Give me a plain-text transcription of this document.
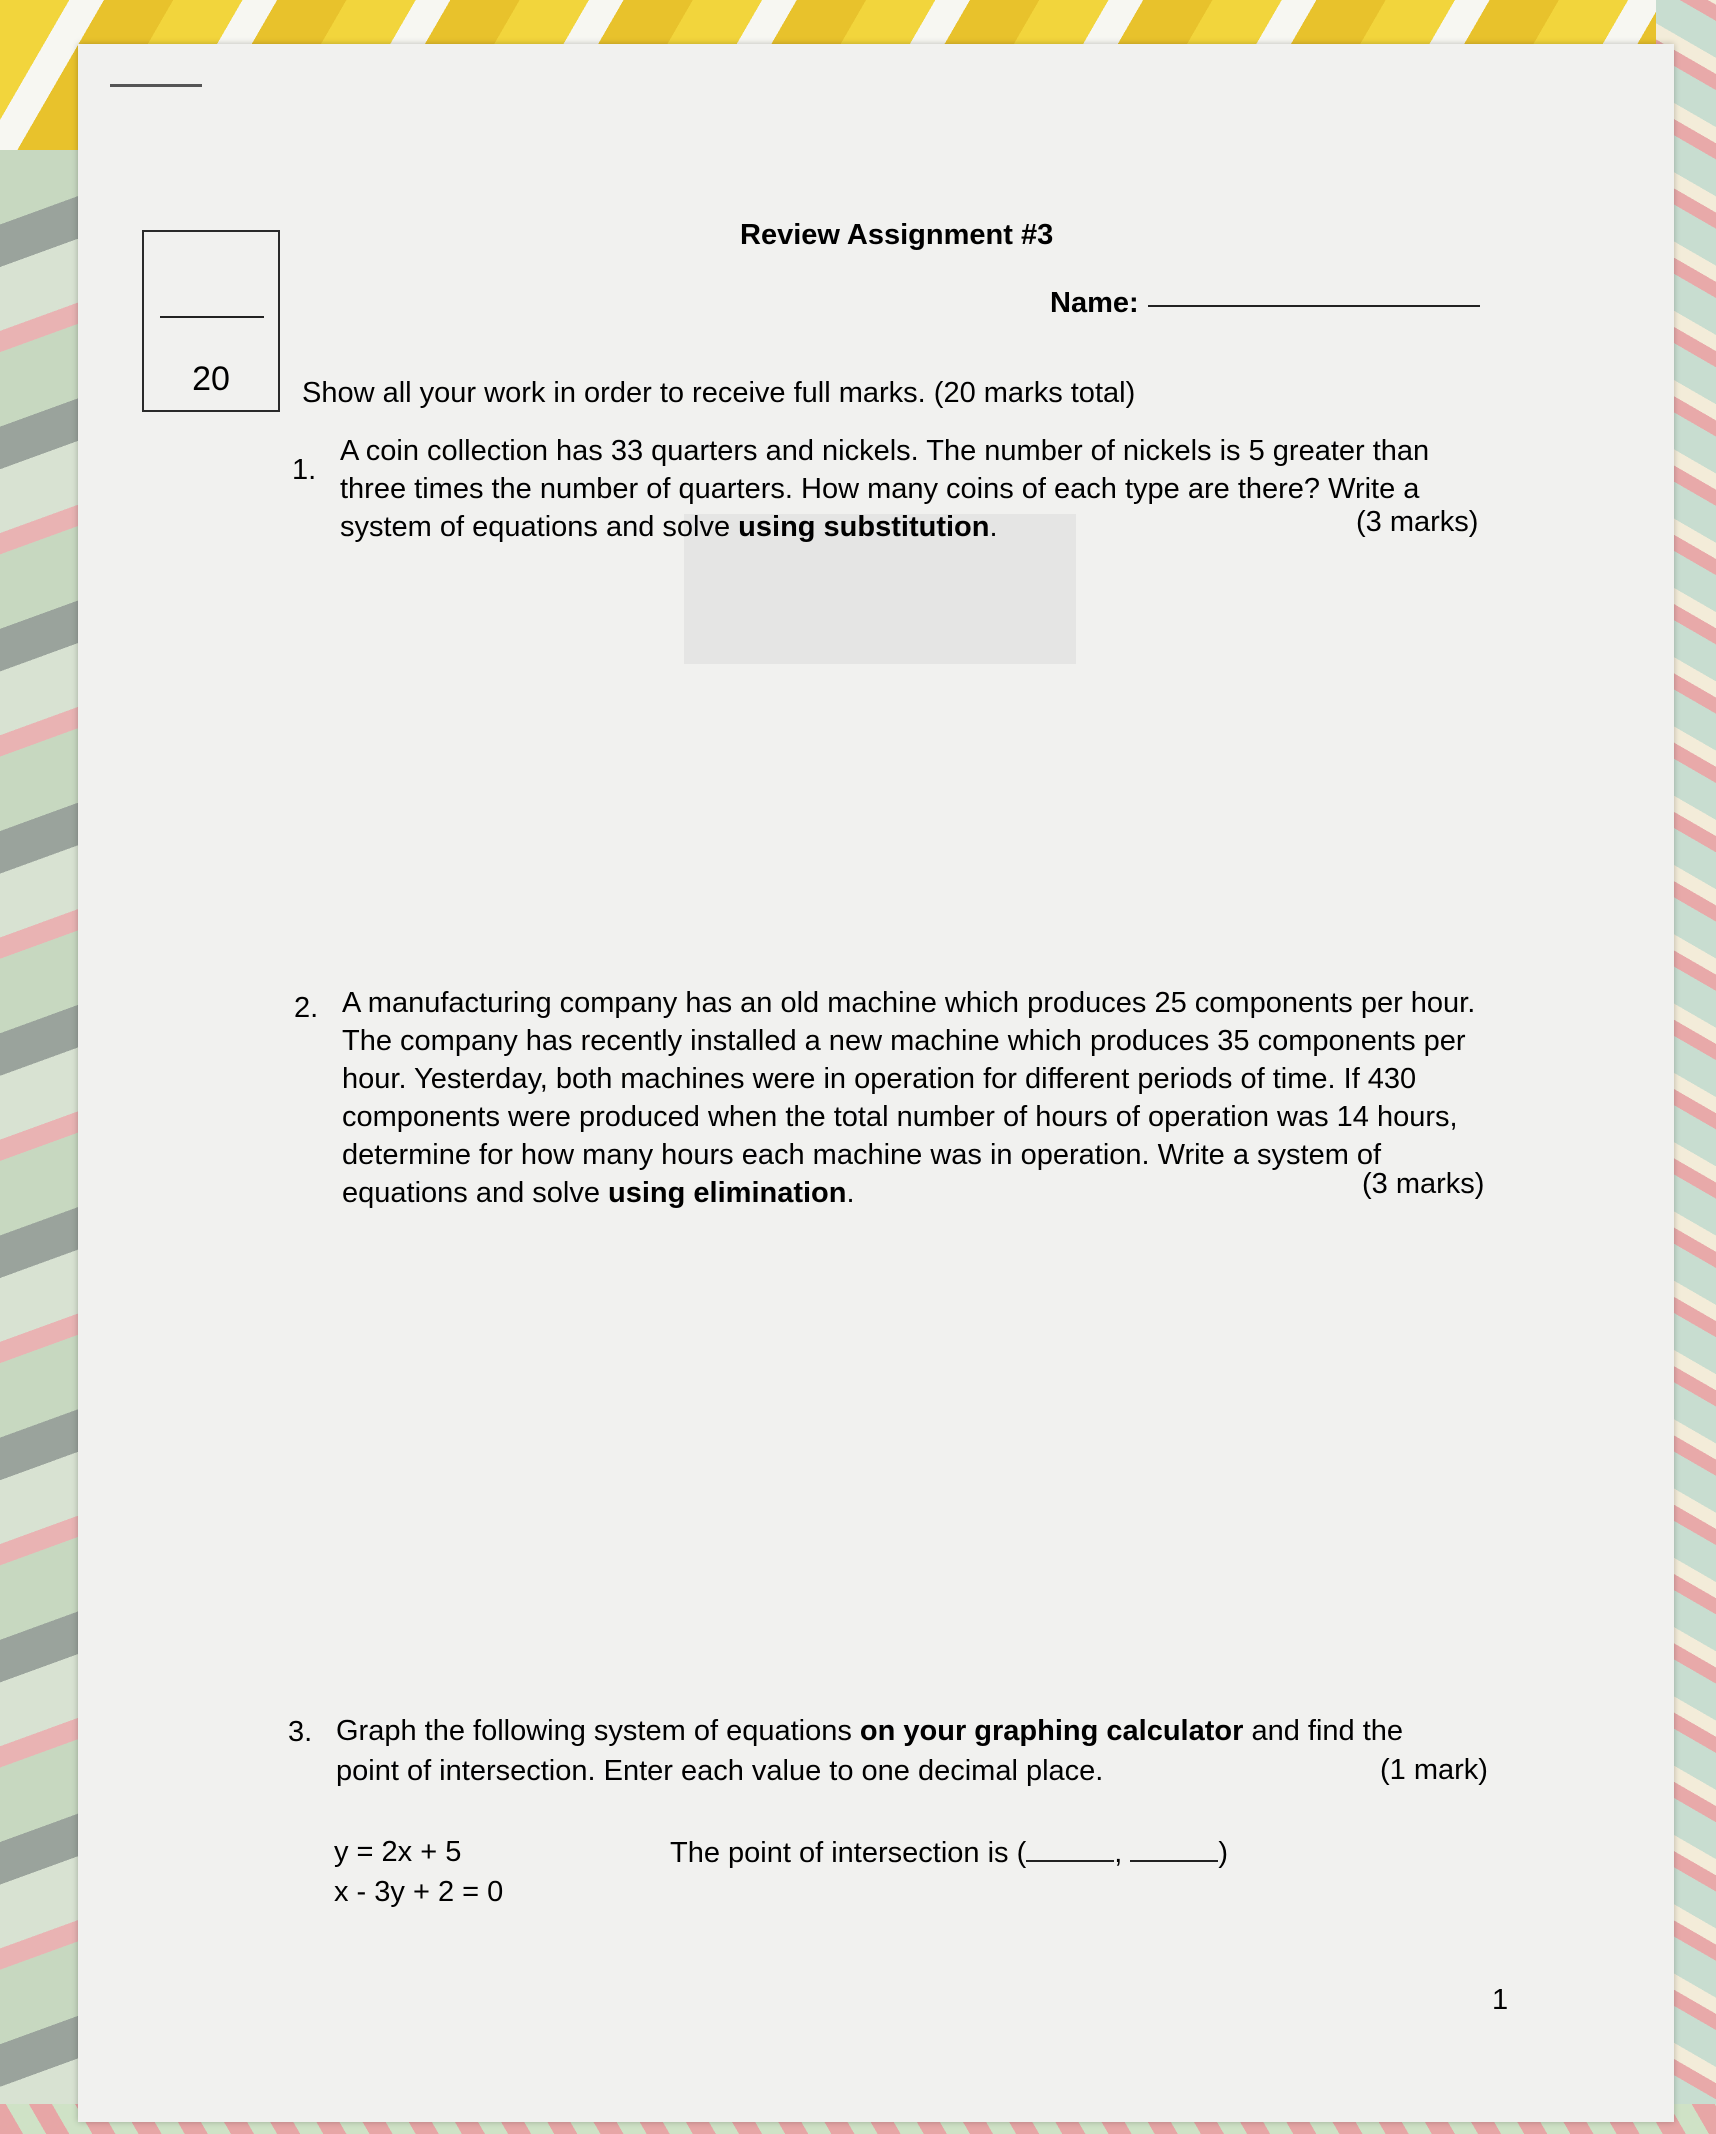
20
Review Assignment #3
Name:
Show all your work in order to receive full marks. (20 marks total)
1.
A coin collection has 33 quarters and nickels. The number of nickels is 5 greater than
three times the number of quarters. How many coins of each type are there? Write a
system of equations and solve using substitution.	(3 marks)
2. A manufacturing company has an old machine which produces 25 components per hour.
The company has recently installed a new machine which produces 35 components per
hour. Yesterday, both machines were in operation for different periods of time. If 430
components were produced when the total number of hours of operation was 14 hours,
determine for how many hours each machine was in operation. Write a system of
equations and solve using elimination.	(3 marks)
3. Graph the following system of equations on your graphing calculator and find the
point of intersection. Enter each value to one decimal place.	(1 mark)
y = 2x + 5
x - 3y + 2 = 0
The point of intersection is (	,	)
1
